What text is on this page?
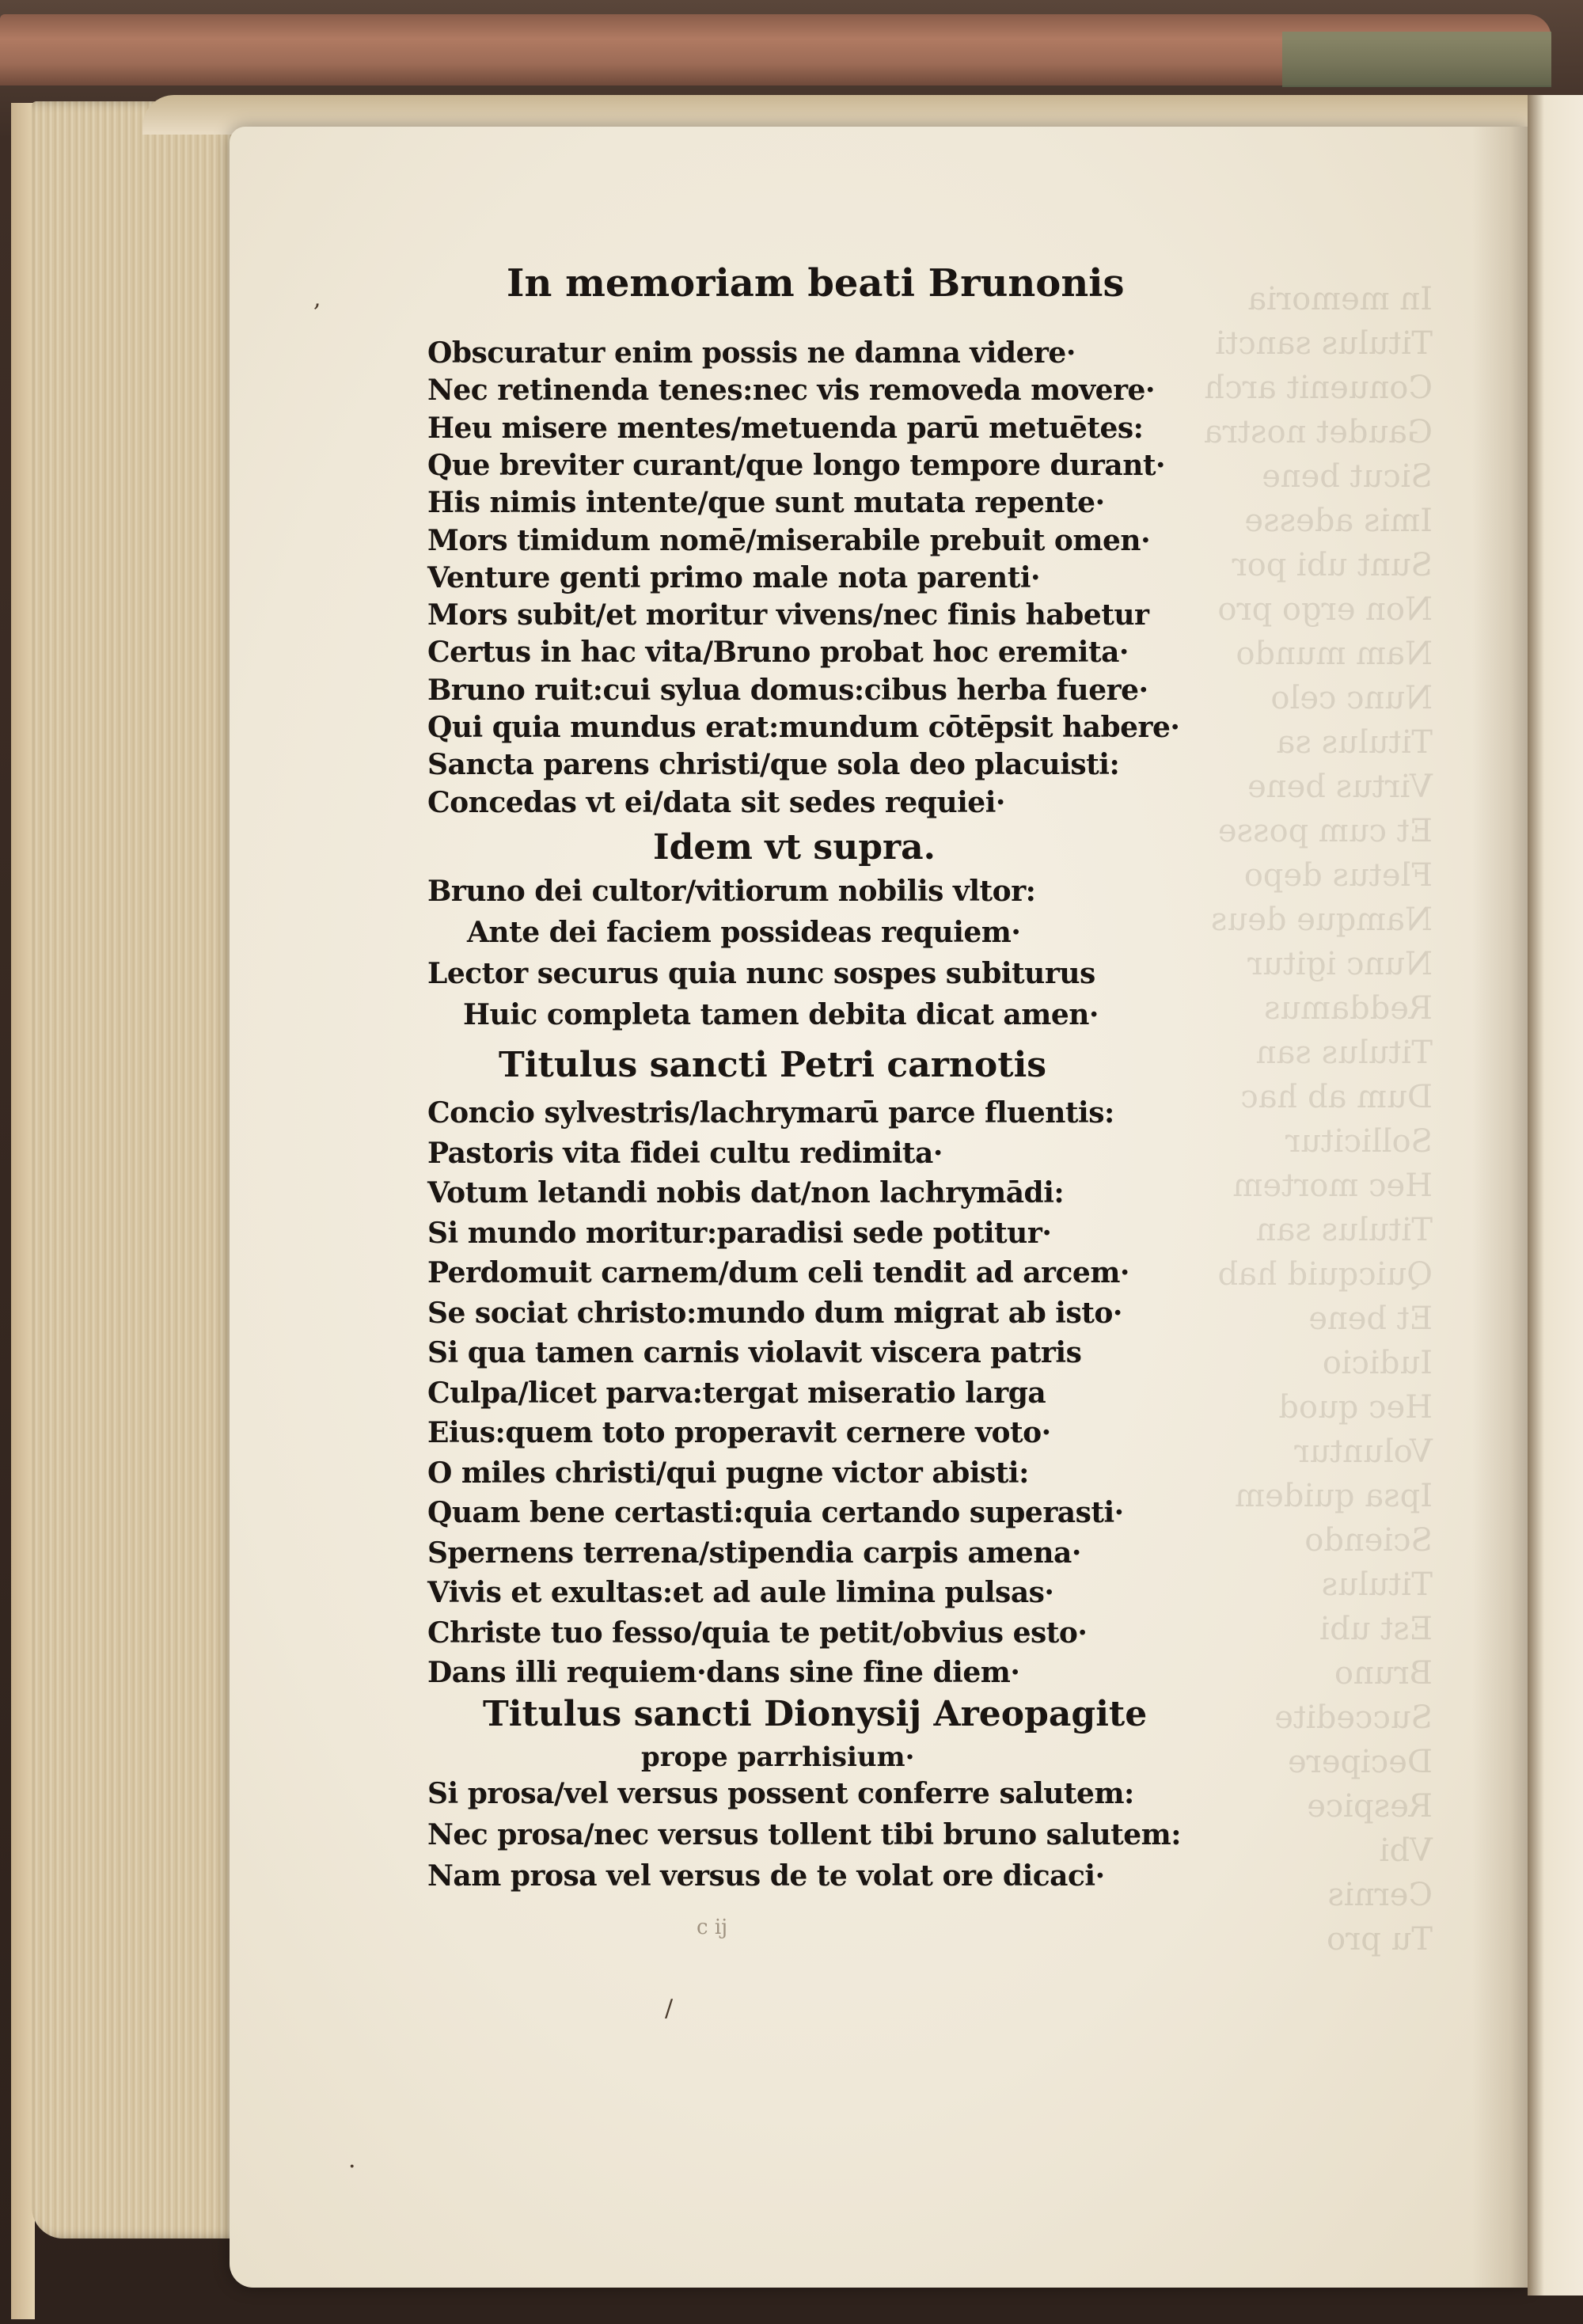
In memoria
Titulus sancti
Conuenit arch
Gaudet nostra
Sicut bene
Imis adesse
Sunt ubi por
Non ergo pro
Nam mundo
Nunc celo
Titulus sa
Virtus bene
Et cum posse
Fletus depo
Namque deus
Nunc igitur
Reddamus
Titulus san
Dum ab hac
Sollicitur
Hec mortem
Titulus san
Quicquid hab
Et bene
Iudicio
Hec quod
Voluntur
Ipsa quidem
Sciendo
Titulus
Est ubi
Bruno
Succedite
Decipere
Respice
Vbi
Cernis
Tu pro
In memoriam beati Brunonis
Obscuratur enim possis ne damna videre·
Nec retinenda tenes:nec vis removeda movere·
Heu misere mentes/metuenda parū metuētes:
Que breviter curant/que longo tempore durant·
His nimis intente/que sunt mutata repente·
Mors timidum nomē/miserabile prebuit omen·
Venture genti primo male nota parenti·
Mors subit/et moritur vivens/nec finis habetur
Certus in hac vita/Bruno probat hoc eremita·
Bruno ruit:cui sylua domus:cibus herba fuere·
Qui quia mundus erat:mundum cōtēpsit habere·
Sancta parens christi/que sola deo placuisti:
Concedas vt ei/data sit sedes requiei·
Idem vt supra.
Bruno dei cultor/vitiorum nobilis vltor:
Ante dei faciem possideas requiem·
Lector securus quia nunc sospes subiturus
Huic completa tamen debita dicat amen·
Titulus sancti Petri carnotis
Concio sylvestris/lachrymarū parce fluentis:
Pastoris vita fidei cultu redimita·
Votum letandi nobis dat/non lachrymādi:
Si mundo moritur:paradisi sede potitur·
Perdomuit carnem/dum celi tendit ad arcem·
Se sociat christo:mundo dum migrat ab isto·
Si qua tamen carnis violavit viscera patris
Culpa/licet parva:tergat miseratio larga
Eius:quem toto properavit cernere voto·
O miles christi/qui pugne victor abisti:
Quam bene certasti:quia certando superasti·
Spernens terrena/stipendia carpis amena·
Vivis et exultas:et ad aule limina pulsas·
Christe tuo fesso/quia te petit/obvius esto·
Dans illi requiem·dans sine fine diem·
Titulus sancti Dionysij Areopagite
prope parrhisium·
Si prosa/vel versus possent conferre salutem:
Nec prosa/nec versus tollent tibi bruno salutem:
Nam prosa vel versus de te volat ore dicaci·
c ij
,
/
·
